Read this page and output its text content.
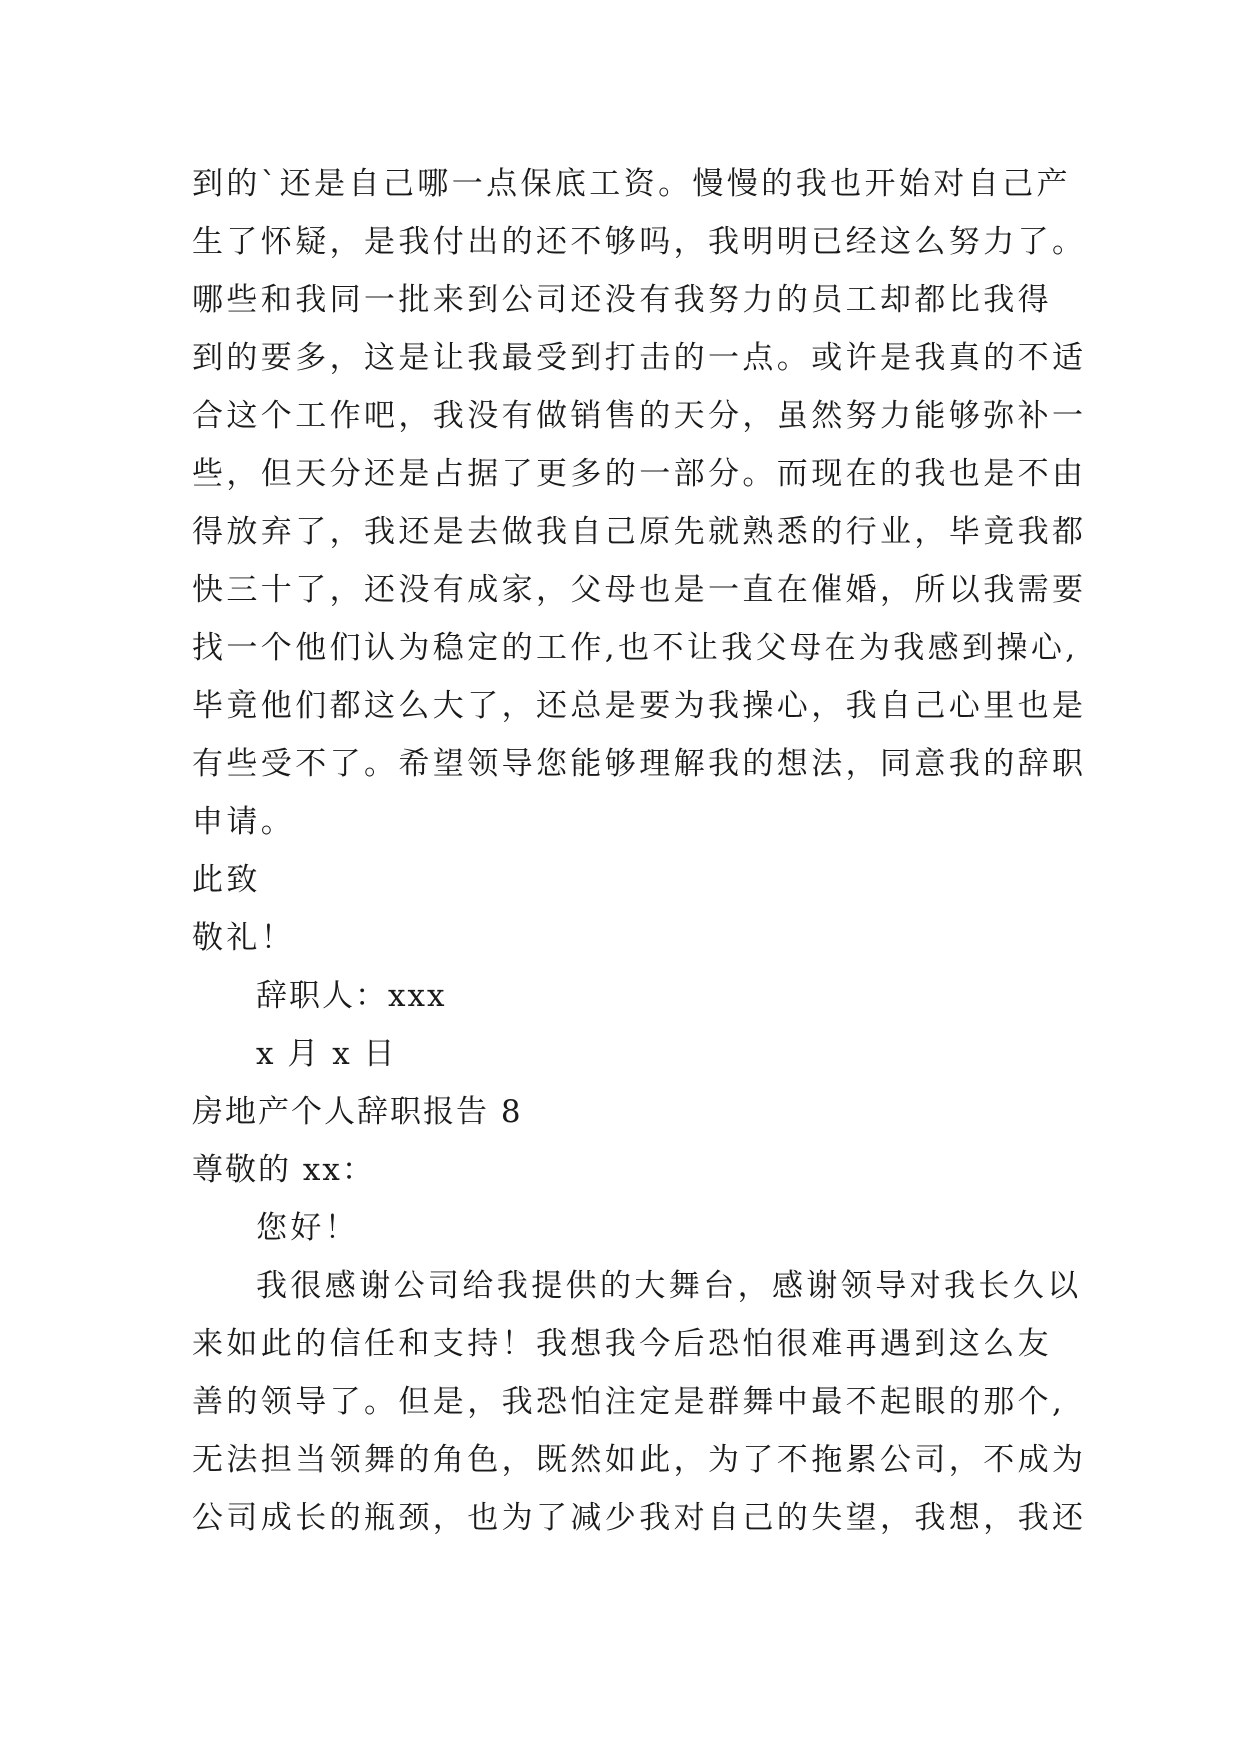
到的`还是自己哪一点保底工资。慢慢的我也开始对自己产
生了怀疑，是我付出的还不够吗，我明明已经这么努力了。
哪些和我同一批来到公司还没有我努力的员工却都比我得
到的要多，这是让我最受到打击的一点。或许是我真的不适
合这个工作吧，我没有做销售的天分，虽然努力能够弥补一
些，但天分还是占据了更多的一部分。而现在的我也是不由
得放弃了，我还是去做我自己原先就熟悉的行业，毕竟我都
快三十了，还没有成家，父母也是一直在催婚，所以我需要
找一个他们认为稳定的工作,也不让我父母在为我感到操心,
毕竟他们都这么大了，还总是要为我操心，我自己心里也是
有些受不了。希望领导您能够理解我的想法，同意我的辞职
申请。
此致
敬礼！
辞职人：xxx
x 月 x 日
房地产个人辞职报告 8
尊敬的 xx：
您好！
我很感谢公司给我提供的大舞台，感谢领导对我长久以
来如此的信任和支持！我想我今后恐怕很难再遇到这么友
善的领导了。但是，我恐怕注定是群舞中最不起眼的那个,
无法担当领舞的角色，既然如此，为了不拖累公司，不成为
公司成长的瓶颈，也为了减少我对自己的失望，我想，我还
